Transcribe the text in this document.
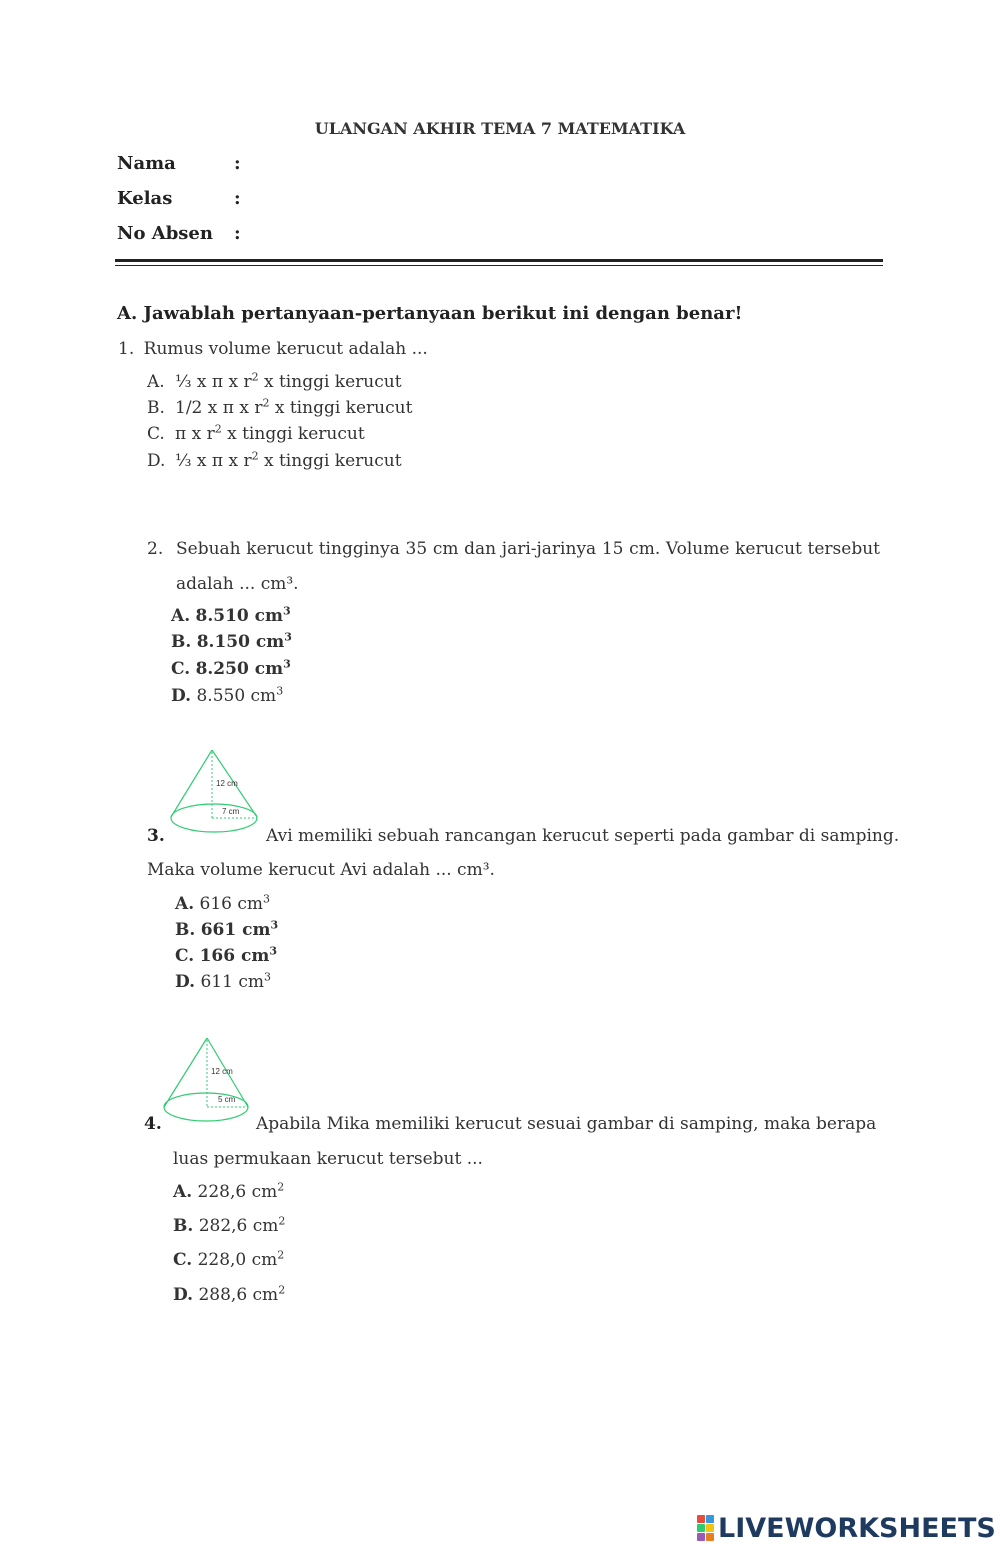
ULANGAN AKHIR TEMA 7 MATEMATIKA
Nama	:
Kelas	:
No Absen :
A. Jawablah pertanyaan-pertanyaan berikut ini dengan benar!
1. Rumus volume kerucut adalah ...
A. ⅓ x π x $r^2$ x tinggi kerucut
B. 1/2 x π x $r^2$ x tinggi kerucut
C. π x $r^2$ x tinggi kerucut
D. ⅓ x π x $r^2$ x tinggi kerucut
2. Sebuah kerucut tingginya 35 cm dan jari-jarinya 15 cm. Volume kerucut tersebut
adalah ... cm³.
A. 8.510 $cm^3$
B. 8.150 $cm^3$
C. 8.250 $cm^3$
D. 8.550 $cm^3$
12 cm
7 cm
3.	Avi memiliki sebuah rancangan kerucut seperti pada gambar di samping.
Maka volume kerucut Avi adalah ... cm³.
A. 616 $cm^3$
B. 661 $cm^3$
C. 166 $cm^3$
D. 611 $cm^3$
12 cm
5 cm
4.	Apabila Mika memiliki kerucut sesuai gambar di samping, maka berapa
luas permukaan kerucut tersebut ...
A. 228,6 $cm^2$
B. 282,6 $cm^2$
C. 228,0 $cm^2$
D. 288,6 $cm^2$
LIVEWORKSHEETS
